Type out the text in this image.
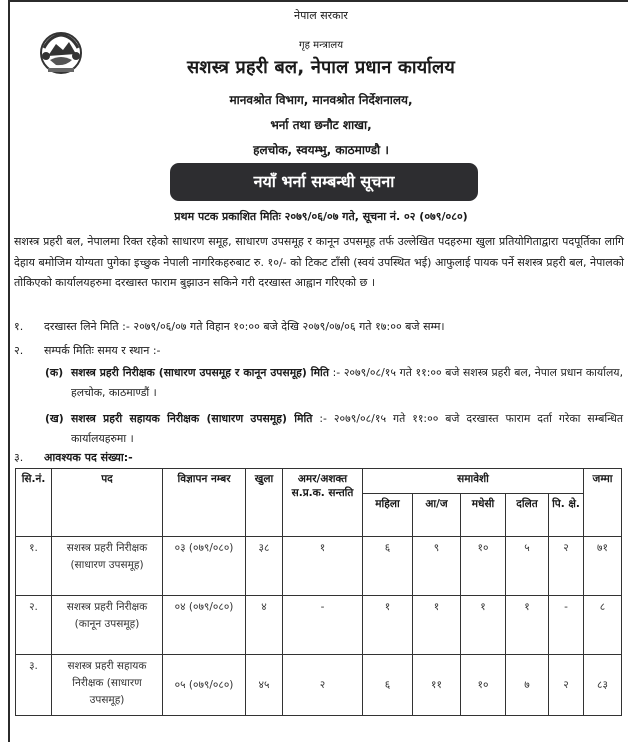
नेपाल सरकार
गृह मन्त्रालय
सशस्त्र प्रहरी बल, नेपाल प्रधान कार्यालय
मानवश्रोत विभाग, मानवश्रोत निर्देशनालय,
भर्ना तथा छनौट शाखा,
हलचोक, स्वयम्भु, काठमाण्डौ ।
नयाँ भर्ना सम्बन्धी सूचना
प्रथम पटक प्रकाशित मितिः २०७९/०६/०७ गते, सूचना नं. ०२ (०७९/०८०)
सशस्त्र प्रहरी बल, नेपालमा रिक्त रहेको साधारण समूह, साधारण उपसमूह र कानून उपसमूह तर्फ उल्लेखित पदहरुमा खुला प्रतियोगिताद्वारा पदपूर्तिका लागि देहाय बमोजिम योग्यता पुगेका इच्छुक नेपाली नागरिकहरुबाट रु. १०/- को टिकट टाँसी (स्वयं उपस्थित भई) आफुलाई पायक पर्ने सशस्त्र प्रहरी बल, नेपालको तोकिएको कार्यालयहरुमा दरखास्त फाराम बुझाउन सकिने गरी दरखास्त आह्वान गरिएको छ ।
१.	दरखास्त लिने मिति :- २०७९/०६/०७ गते विहान १०:०० बजे देखि २०७९/०७/०६ गते १७:०० बजे सम्म।
२.	सम्पर्क मितिः समय र स्थान :-
(क) सशस्त्र प्रहरी निरीक्षक (साधारण उपसमूह र कानून उपसमूह) मिति :- २०७९/०८/१५ गते ११:०० बजे सशस्त्र प्रहरी बल, नेपाल प्रधान कार्यालय, हलचोक, काठमाण्डौं ।
(ख) सशस्त्र प्रहरी सहायक निरीक्षक (साधारण उपसमूह) मिति :- २०७९/०८/१५ गते ११:०० बजे दरखास्त फाराम दर्ता गरेका सम्बन्धित कार्यालयहरुमा ।
३.	आवश्यक पद संख्या:-
सि.नं.	पद	विज्ञापन नम्बर	खुला	अमर/अशक्त स.प्र.क. सन्तति	समावेशी					जम्मा
					महिला	आ/ज	मधेसी	दलित	पि. क्षे.	
१.	सशस्त्र प्रहरी निरीक्षक (साधारण उपसमूह)	०३ (०७९/०८०)	३८	१	६	९	१०	५	२	७१
२.	सशस्त्र प्रहरी निरीक्षक (कानून उपसमूह)	०४ (०७९/०८०)	४	-	१	१	१	१	-	८
३.	सशस्त्र प्रहरी सहायक निरीक्षक (साधारण उपसमूह)	०५ (०७९/०८०)	४५	२	६	११	१०	७	२	८३
